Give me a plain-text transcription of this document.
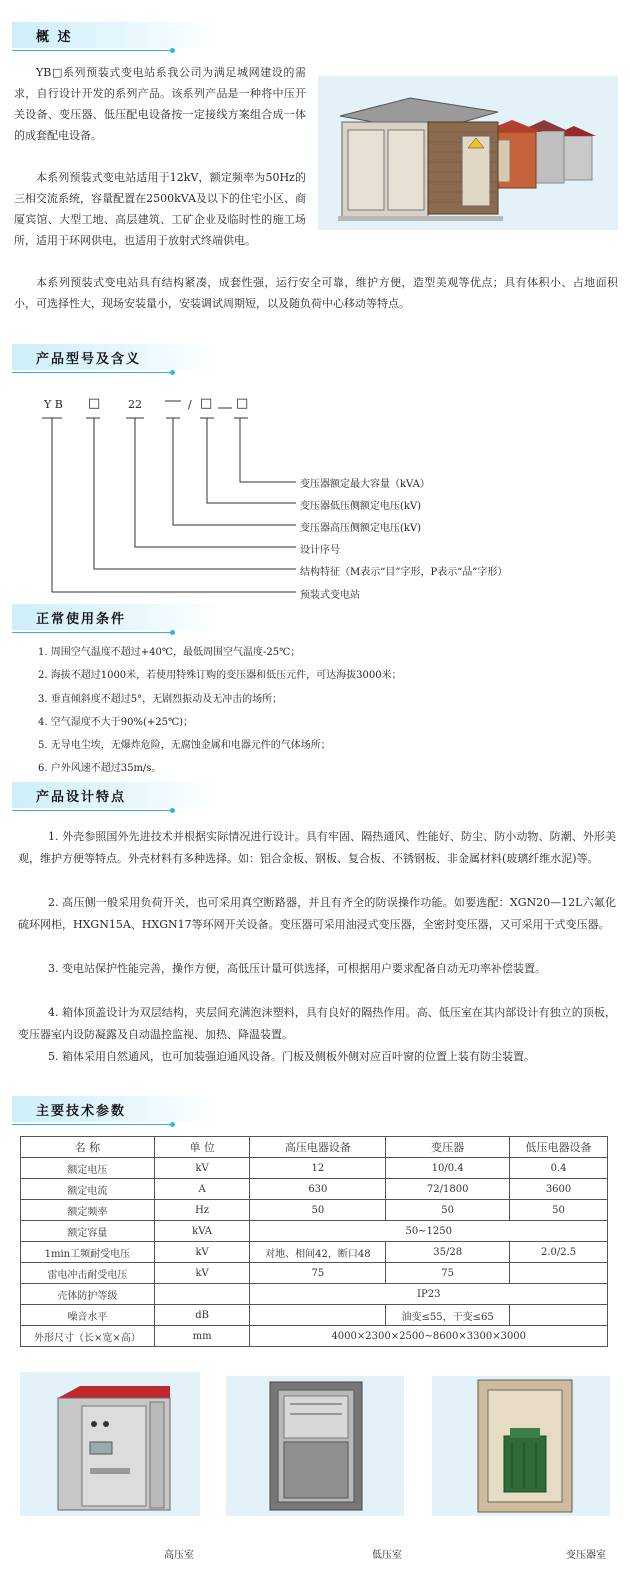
概 述

YB□系列预装式变电站系我公司为满足城网建设的需求，自行设计开发的系列产品。该系列产品是一种将中压开关设备、变压器、低压配电设备按一定接线方案组合成一体的成套配电设备。

本系列预装式变电站适用于12kV，额定频率为50Hz的三相交流系统，容量配置在2500kVA及以下的住宅小区、商厦宾馆、大型工地、高层建筑、工矿企业及临时性的施工场所，适用于环网供电，也适用于放射式终端供电。

本系列预装式变电站具有结构紧凑，成套性强，运行安全可靠，维护方便，造型美观等优点；具有体积小、占地面积小，可选择性大，现场安装量小，安装调试周期短，以及随负荷中心移动等特点。

产品型号及含义
Y B □	22	/ □ □
变压器额定最大容量（kVA）
变压器低压侧额定电压(kV)
变压器高压侧额定电压(kV)
设计序号
结构特征（M表示“目”字形，P表示“品”字形）
预装式变电站
正常使用条件
1. 周围空气温度不超过+40℃，最低周围空气温度-25℃；
2. 海拔不超过1000米，若使用特殊订购的变压器和低压元件，可达海拔3000米；
3. 垂直倾斜度不超过5°，无剧烈振动及无冲击的场所；
4. 空气湿度不大于90%(+25℃)；
5. 无导电尘埃，无爆炸危险，无腐蚀金属和电器元件的气体场所；
6. 户外风速不超过35m/s。
产品设计特点

1. 外壳参照国外先进技术并根据实际情况进行设计。具有牢固、隔热通风、性能好、防尘、防小动物、防潮、外形美观，维护方便等特点。外壳材料有多种选择。如：铝合金板、钢板、复合板、不锈钢板、非金属材料(玻璃纤维水泥)等。

2. 高压侧一般采用负荷开关，也可采用真空断路器，并且有齐全的防误操作功能。如要选配：XGN20—12L六氟化硫环网柜，HXGN15A、HXGN17等环网开关设备。变压器可采用油浸式变压器，全密封变压器，又可采用干式变压器。

3. 变电站保护性能完善，操作方便，高低压计量可供选择，可根据用户要求配备自动无功率补偿装置。

4. 箱体顶盖设计为双层结构，夹层间充满泡沫塑料，具有良好的隔热作用。高、低压室在其内部设计有独立的顶板，变压器室内设防凝露及自动温控监视、加热、降温装置。

5. 箱体采用自然通风，也可加装强迫通风设备。门板及侧板外侧对应百叶窗的位置上装有防尘装置。

主要技术参数
名 称	单 位	高压电器设备	变压器	低压电器设备
额定电压	kV	12	10/0.4	0.4
额定电流	A	630	72/1800	3600
额定频率	Hz	50	50	50
额定容量	kVA	50~1250		
1min工频耐受电压	kV	对地、相间42，断口48	35/28	2.0/2.5
雷电冲击耐受电压	kV	75	75	
壳体防护等级		IP23		
噪音水平	dB		油变≤55，干变≤65	
外形尺寸（长×宽×高）	mm	4000×2300×2500~8600×3300×3000		
高压室	低压室	变压器室
